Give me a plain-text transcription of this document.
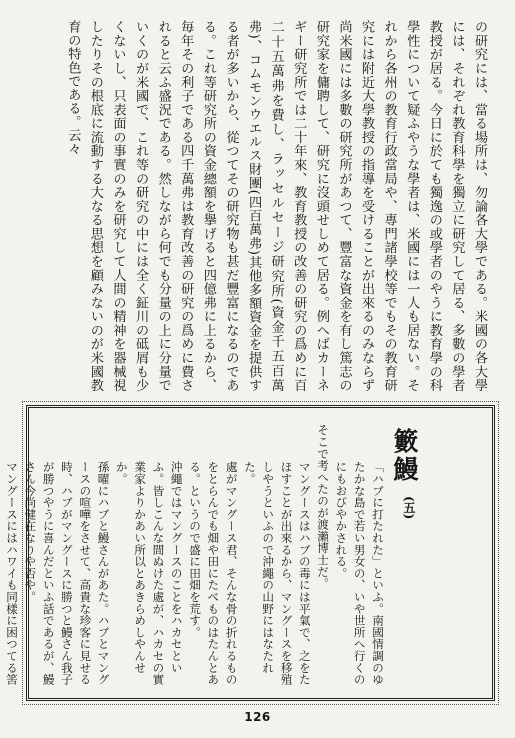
の研究には、當る場所は、勿論各大學である。米國の各大學には、それぞれ教育科學を獨立に研究して居る、多數の學者教授が居る。今日に於ても獨逸の或學者のやうに教育學の科學性について疑ふやうな學者は、米國には一人も居ない。それから各州の教育行政當局や、專門諸學校等でもその教育研究には附近大學教授の指導を受けることが出來るのみならず尚米國には多數の研究所があつて、豐富な資金を有し篤志の研究家を傭聘して、研究に沒頭せしめて居る。例へばカーネギー研究所では二十年來、教育教授の改善の研究の爲めに百二十五萬弗を費し、ラッセルセージ研究所(資金千五百萬弗)、コムモンウエルス財團(四百萬弗)其他多額資金を提供する者が多いから、從つてその研究物も甚だ豐富になるのである。これ等研究所の資金總額を擧げると四億弗に上るから、毎年その利子である四千萬弗は教育改善の研究の爲めに費されると云ふ盛況である。然しながら何でも分量の上に分量でいくのが米國で、これ等の研究の中には全く鉦川の砥屑も少くないし、只表面の事實のみを研究して人間の精神を器械視したりその根底に流動する大なる思想を顧みないのが米國教育の特色である。云々

籔鰻
(五)

「ハブに打たれた」といふ。南國情調のゆたかな島で若い男女の、いや世所へ行くのにもおびやかされる。

そこで考へたのが渡瀨博士だ。

マングースはハブの毒には平氣で、之をたほすことが出來るから、マングースを移殖しやうといふので沖繩の山野にはなたれた。

處がマングース君、そんな骨の折れるものをとらんでも畑や田にたべものはたんとある。というので盛に田畑を荒す。

沖繩ではマングースのことをハカセといふ。皆しこんな間ぬけた處が、ハカセの實業家よりかあい所以とあきらめしやんせか。

孫曜にハブと鰻さんがあた。ハブとマングースの喧嘩をさせて、高貴な珍客に見せる時、ハブがマングースに勝つと鰻さん我子が勝つやうに喜んだといふ話であるが、鰻さん今尚健在なりや否や。

マングースにはハワイも同樣に困つてる筈

126
